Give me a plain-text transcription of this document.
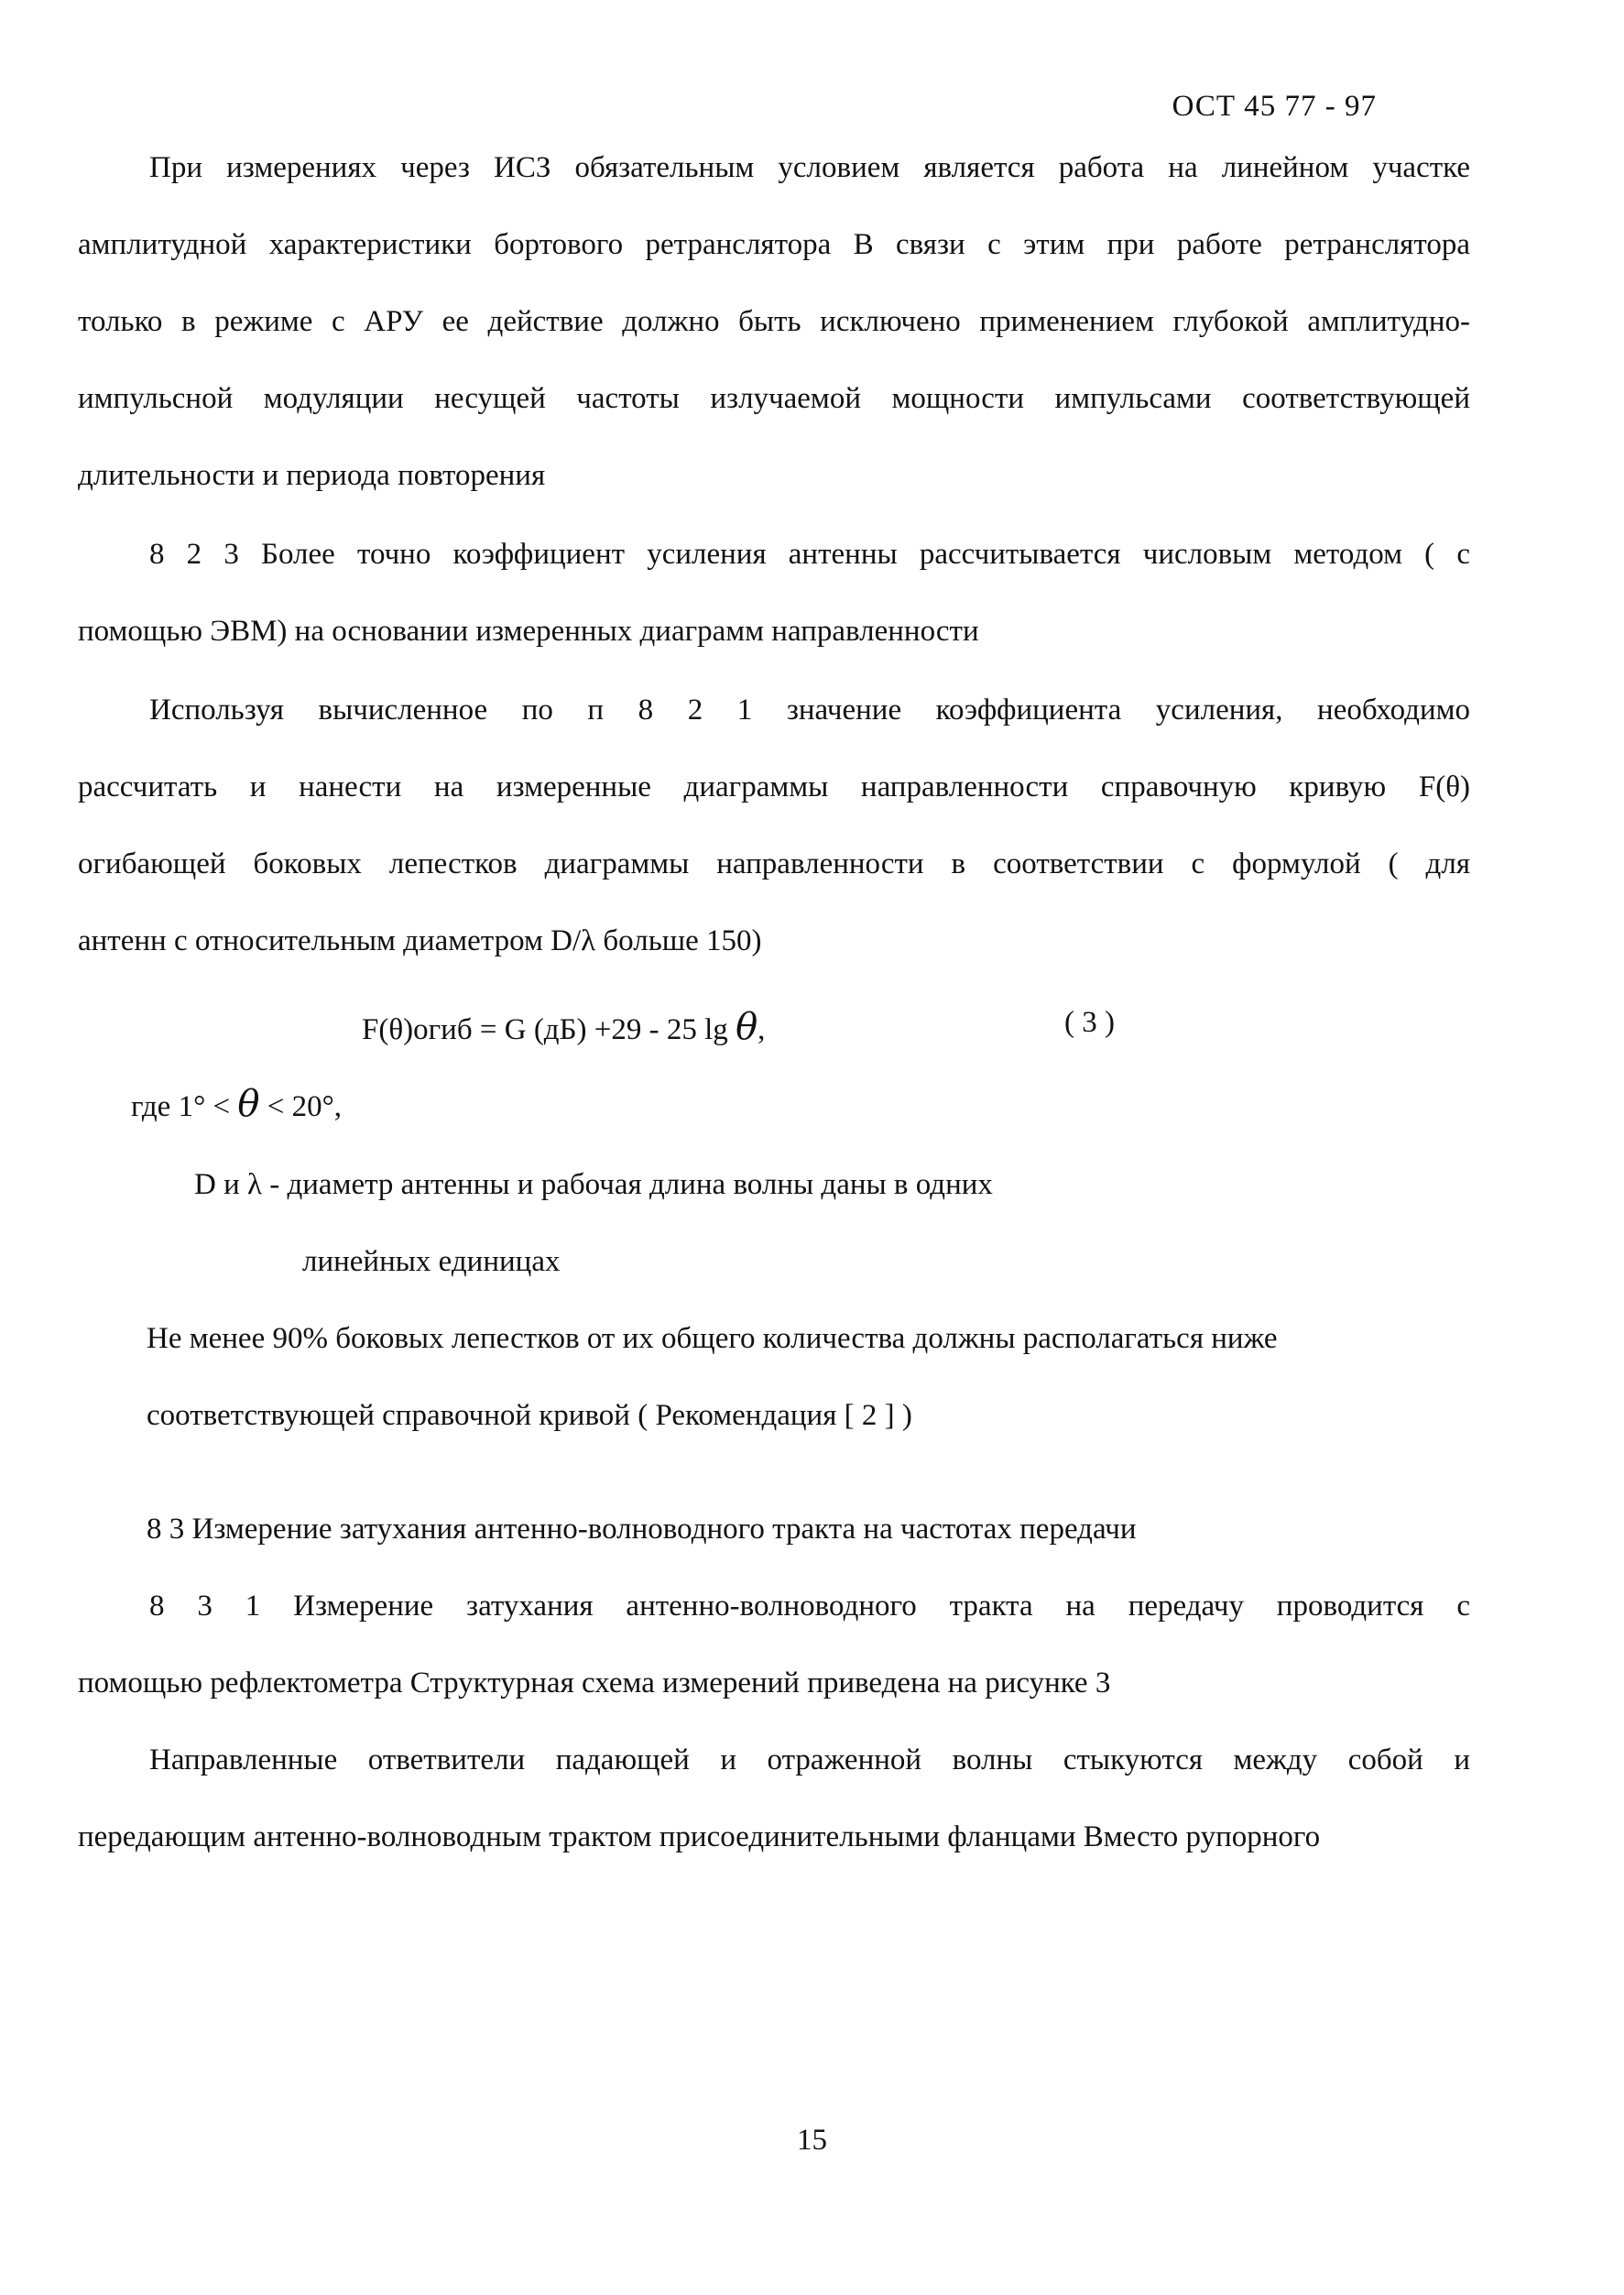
ОСТ 45 77 - 97
При измерениях через ИСЗ обязательным условием является работа на линейном участке
амплитудной характеристики бортового ретранслятора В связи с этим при работе ретранслятора
только в режиме с АРУ ее действие должно быть исключено применением глубокой амплитудно-
импульсной модуляции несущей частоты излучаемой мощности импульсами соответствующей
длительности и периода повторения
8 2 3 Более точно коэффициент усиления антенны рассчитывается числовым методом ( с
помощью ЭВМ) на основании измеренных диаграмм направленности
Используя вычисленное по п 8 2 1 значение коэффициента усиления, необходимо
рассчитать и нанести на измеренные диаграммы направленности справочную кривую F(θ)
огибающей боковых лепестков диаграммы направленности в соответствии с формулой ( для
антенн с относительным диаметром D/λ больше 150)
F(θ)огиб = G (дБ) +29 - 25 lg θ,	( 3 )
где 1° < θ < 20°,
D и λ - диаметр антенны и рабочая длина волны даны в одних
линейных единицах
Не менее 90% боковых лепестков от их общего количества должны располагаться ниже
соответствующей справочной кривой ( Рекомендация [ 2 ] )
8 3 Измерение затухания антенно-волноводного тракта на частотах передачи
8 3 1 Измерение затухания антенно-волноводного тракта на передачу проводится с
помощью рефлектометра Структурная схема измерений приведена на рисунке 3
Направленные ответвители падающей и отраженной волны стыкуются между собой и
передающим антенно-волноводным трактом присоединительными фланцами Вместо рупорного
15
